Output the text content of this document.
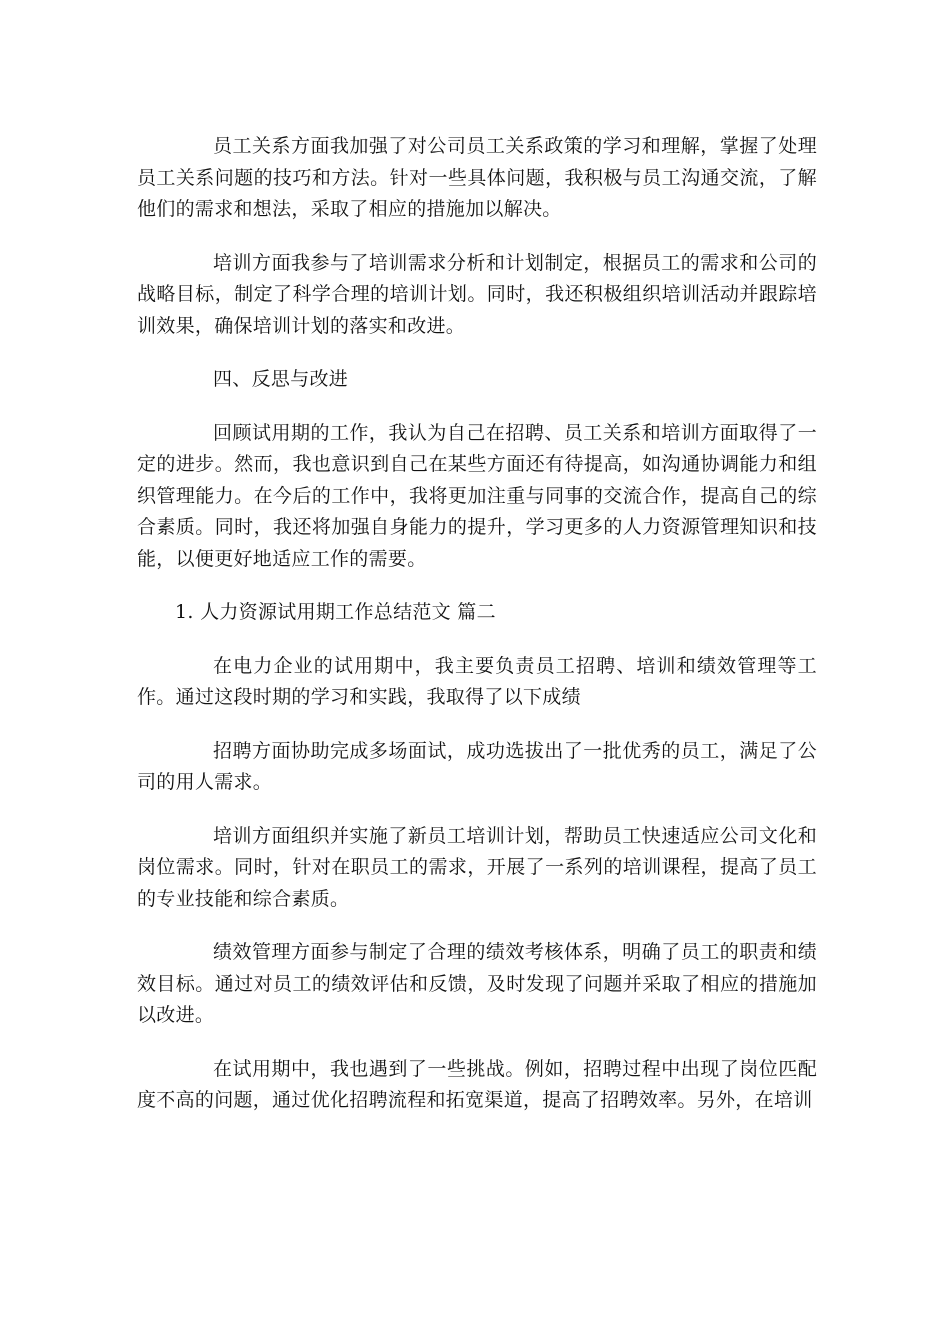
员工关系方面我加强了对公司员工关系政策的学习和理解，掌握了处理员工关系问题的技巧和方法。针对一些具体问题，我积极与员工沟通交流，了解他们的需求和想法，采取了相应的措施加以解决。

培训方面我参与了培训需求分析和计划制定，根据员工的需求和公司的战略目标，制定了科学合理的培训计划。同时，我还积极组织培训活动并跟踪培训效果，确保培训计划的落实和改进。

四、反思与改进

回顾试用期的工作，我认为自己在招聘、员工关系和培训方面取得了一定的进步。然而，我也意识到自己在某些方面还有待提高，如沟通协调能力和组织管理能力。在今后的工作中，我将更加注重与同事的交流合作，提高自己的综合素质。同时，我还将加强自身能力的提升，学习更多的人力资源管理知识和技能，以便更好地适应工作的需要。

1. 人力资源试用期工作总结范文 篇二

在电力企业的试用期中，我主要负责员工招聘、培训和绩效管理等工作。通过这段时期的学习和实践，我取得了以下成绩

招聘方面协助完成多场面试，成功选拔出了一批优秀的员工，满足了公司的用人需求。

培训方面组织并实施了新员工培训计划，帮助员工快速适应公司文化和岗位需求。同时，针对在职员工的需求，开展了一系列的培训课程，提高了员工的专业技能和综合素质。

绩效管理方面参与制定了合理的绩效考核体系，明确了员工的职责和绩效目标。通过对员工的绩效评估和反馈，及时发现了问题并采取了相应的措施加以改进。

在试用期中，我也遇到了一些挑战。例如，招聘过程中出现了岗位匹配度不高的问题，通过优化招聘流程和拓宽渠道，提高了招聘效率。另外，在培训
